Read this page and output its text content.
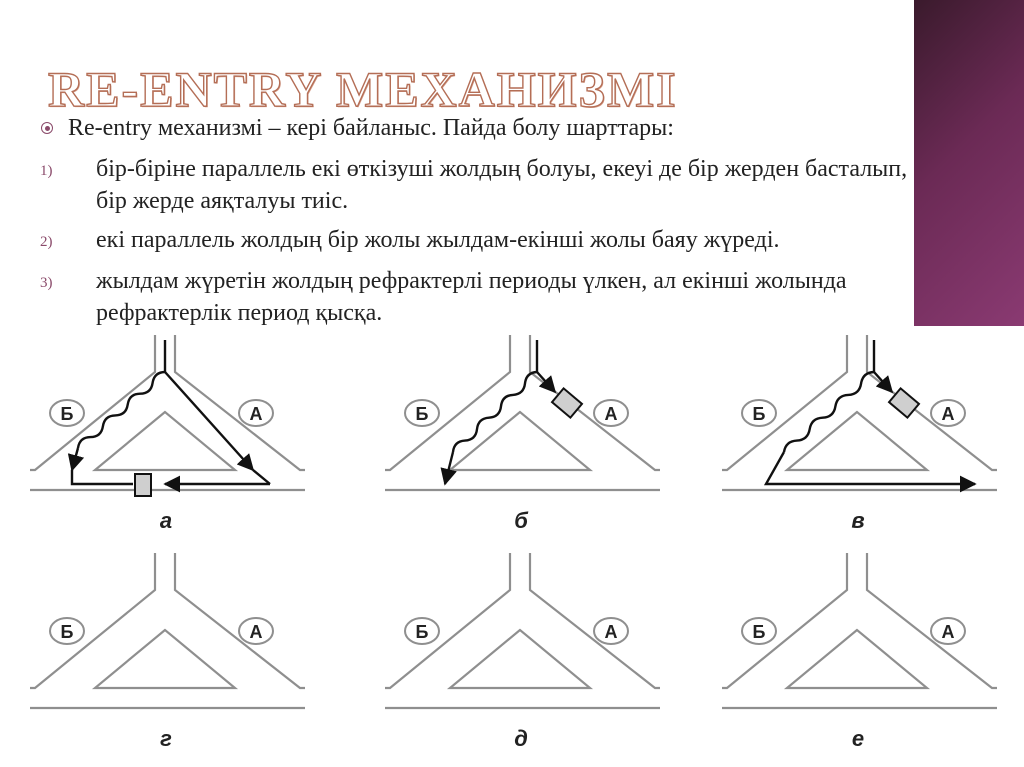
RE-ENTRY МЕХАНИЗМІ
Re-entry механизмі – кері байланыс. Пайда болу шарттары:
1)	бір-біріне параллель екі өткізуші жолдың болуы, екеуі де бір жерден басталып, бір жерде аяқталуы тиіс.
2)	екі параллель жолдың бір жолы жылдам-екінші жолы баяу жүреді.
3)	жылдам жүретін жолдың рефрактерлі периоды үлкен, ал екінші жолында рефрактерлік период қысқа.
Б	А
а
Б	А
б
Б	А
в
Б	А
г
Б	А
д
Б	А
е
